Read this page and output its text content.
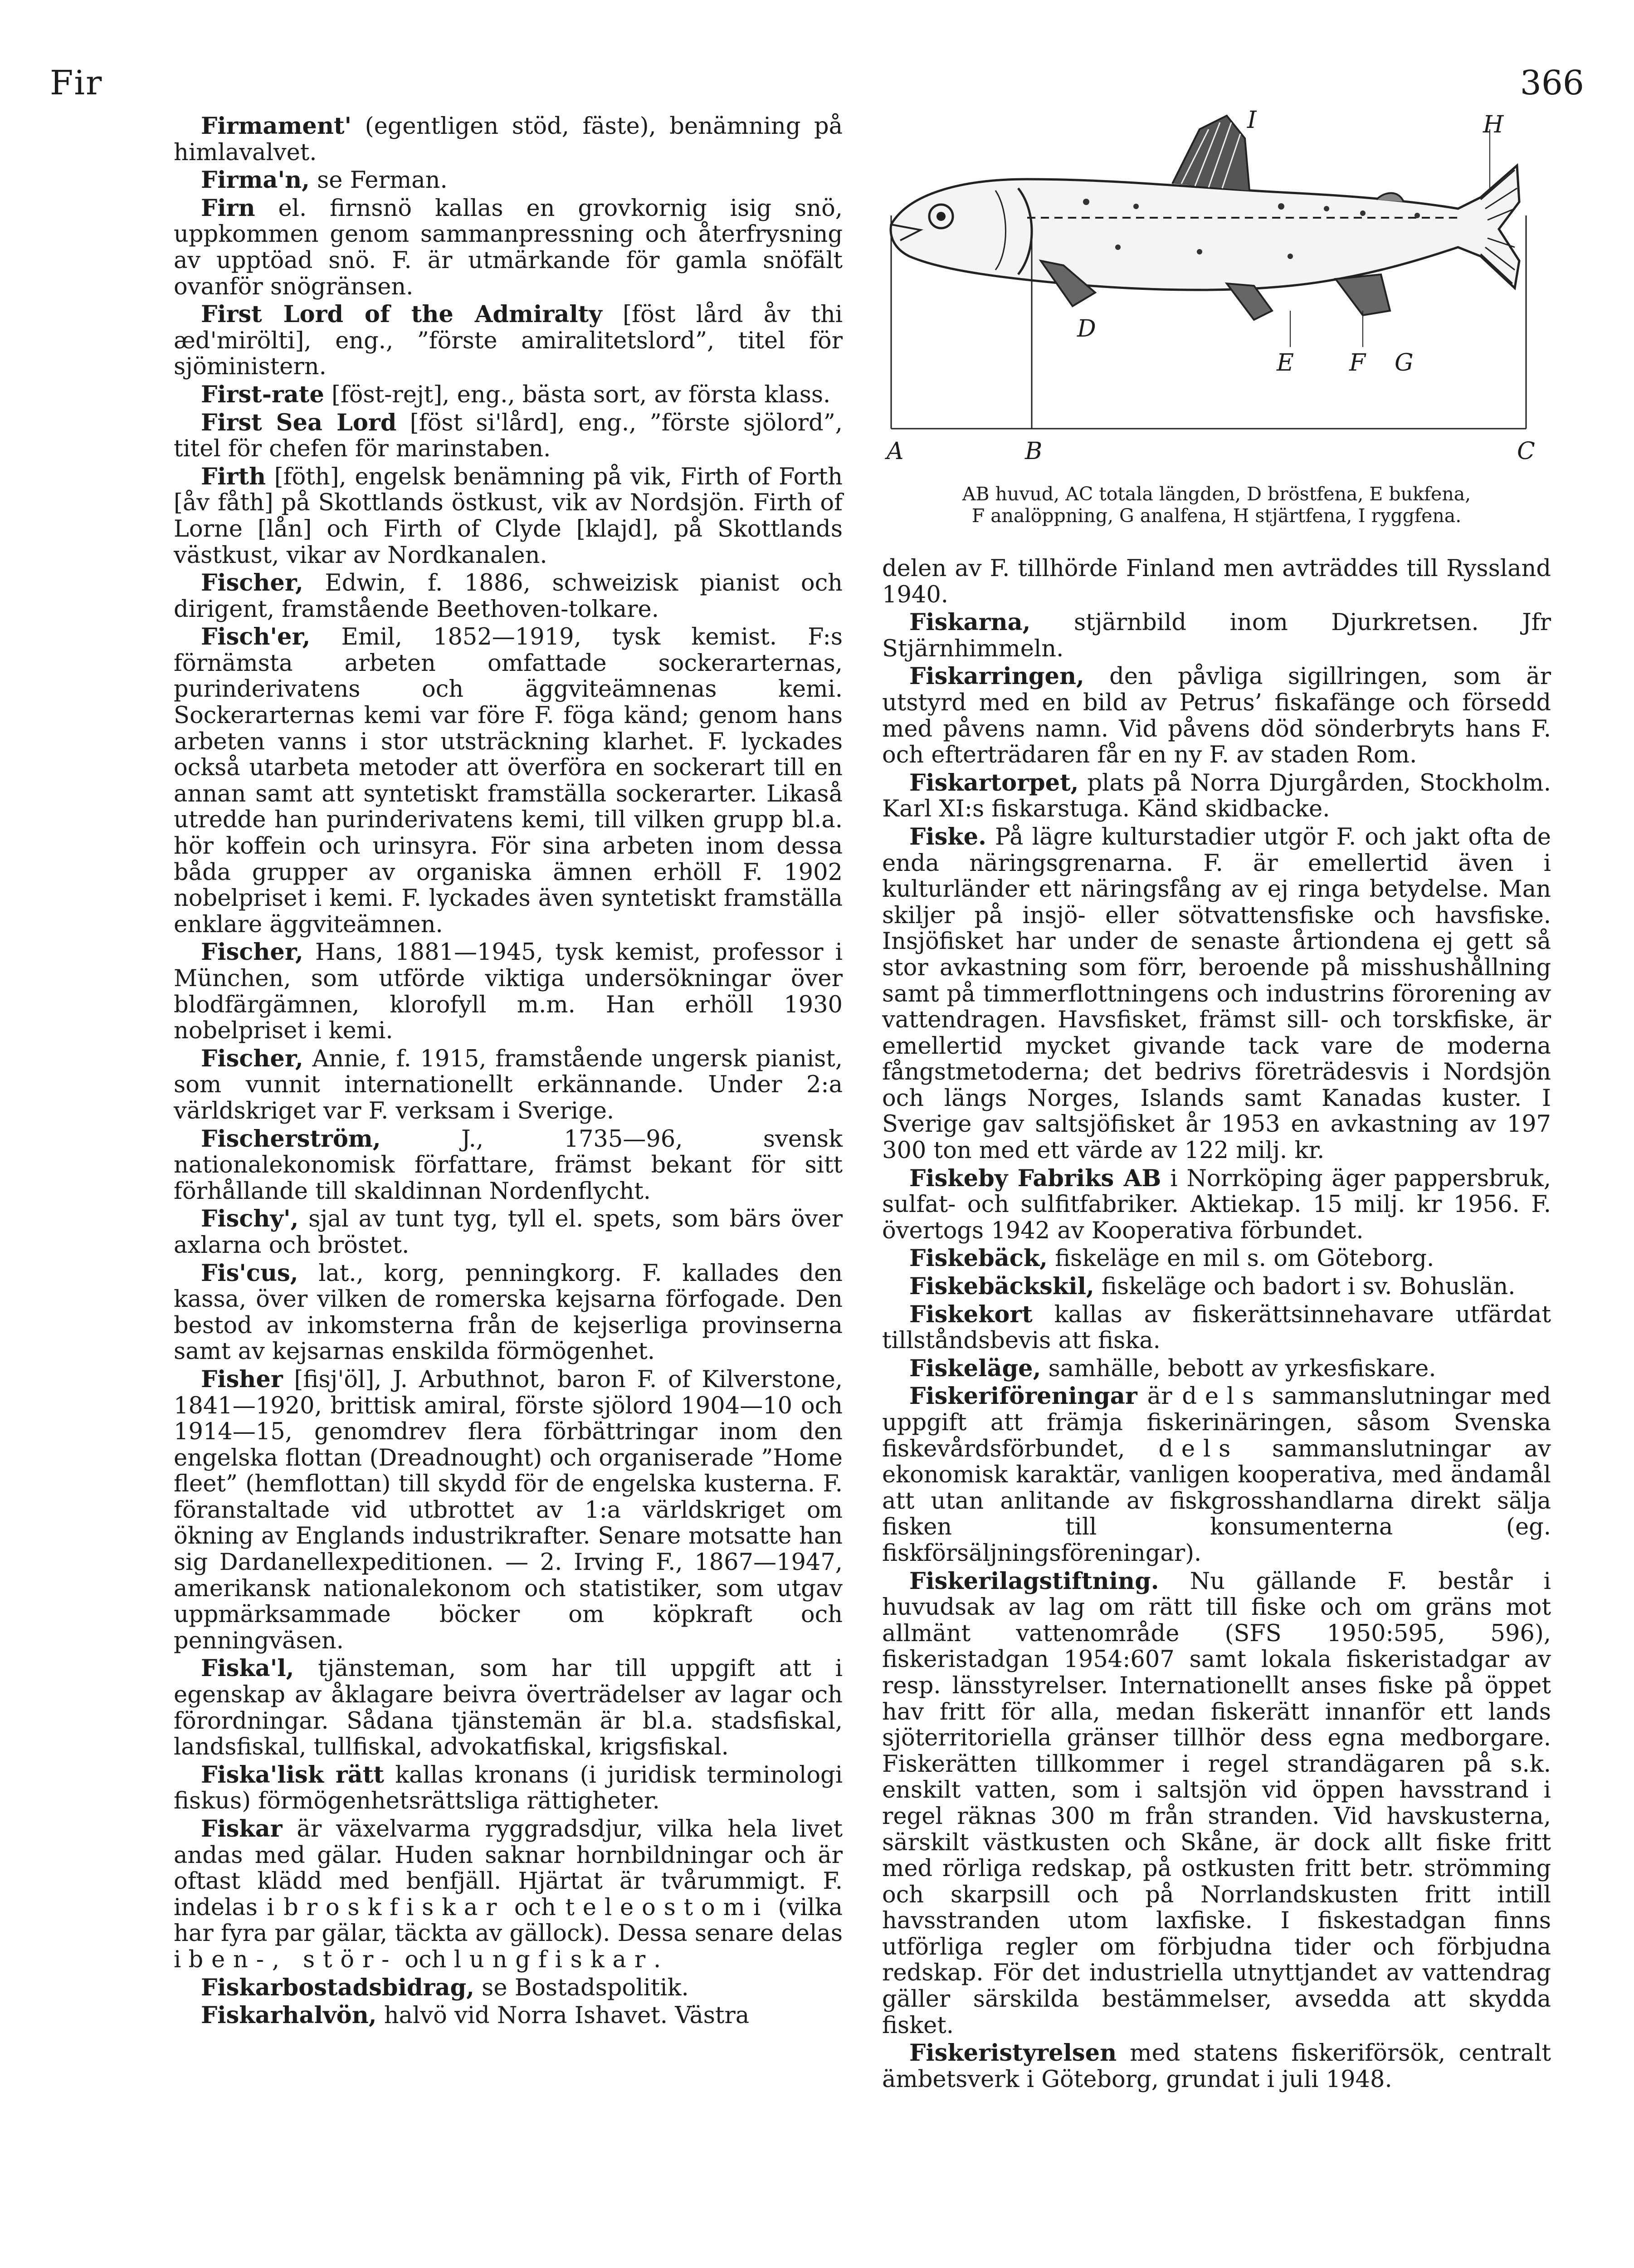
Fir	366

Firmament' (egentligen stöd, fäste), benämning på himlavalvet.

Firma'n, se Ferman.

Firn el. firnsnö kallas en grovkornig isig snö, uppkommen genom sammanpressning och återfrysning av upptöad snö. F. är utmärkande för gamla snöfält ovanför snögränsen.

First Lord of the Admiralty [föst lård åv thi æd'mirölti], eng., ”förste amiralitetslord”, titel för sjöministern.

First-rate [föst-rejt], eng., bästa sort, av första klass.

First Sea Lord [föst si'lård], eng., ”förste sjölord”, titel för chefen för marinstaben.

Firth [föth], engelsk benämning på vik, Firth of Forth [åv fåth] på Skottlands östkust, vik av Nordsjön. Firth of Lorne [lån] och Firth of Clyde [klajd], på Skottlands västkust, vikar av Nordkanalen.

Fischer, Edwin, f. 1886, schweizisk pianist och dirigent, framstående Beethoven-tolkare.

Fisch'er, Emil, 1852—1919, tysk kemist. F:s förnämsta arbeten omfattade sockerarternas, purinderivatens och äggviteämnenas kemi. Sockerarternas kemi var före F. föga känd; genom hans arbeten vanns i stor utsträckning klarhet. F. lyckades också utarbeta metoder att överföra en sockerart till en annan samt att syntetiskt framställa sockerarter. Likaså utredde han purinderivatens kemi, till vilken grupp bl.a. hör koffein och urinsyra. För sina arbeten inom dessa båda grupper av organiska ämnen erhöll F. 1902 nobelpriset i kemi. F. lyckades även syntetiskt framställa enklare äggviteämnen.

Fischer, Hans, 1881—1945, tysk kemist, professor i München, som utförde viktiga undersökningar över blodfärgämnen, klorofyll m.m. Han erhöll 1930 nobelpriset i kemi.

Fischer, Annie, f. 1915, framstående ungersk pianist, som vunnit internationellt erkännande. Under 2:a världskriget var F. verksam i Sverige.

Fischerström, J., 1735—96, svensk nationalekonomisk författare, främst bekant för sitt förhållande till skaldinnan Nordenflycht.

Fischy', sjal av tunt tyg, tyll el. spets, som bärs över axlarna och bröstet.

Fis'cus, lat., korg, penningkorg. F. kallades den kassa, över vilken de romerska kejsarna förfogade. Den bestod av inkomsterna från de kejserliga provinserna samt av kejsarnas enskilda förmögenhet.

Fisher [fisj'öl], J. Arbuthnot, baron F. of Kilverstone, 1841—1920, brittisk amiral, förste sjölord 1904—10 och 1914—15, genomdrev flera förbättringar inom den engelska flottan (Dreadnought) och organiserade ”Home fleet” (hemflottan) till skydd för de engelska kusterna. F. föranstaltade vid utbrottet av 1:a världskriget om ökning av Englands industrikrafter. Senare motsatte han sig Dardanellexpeditionen. — 2. Irving F., 1867—1947, amerikansk nationalekonom och statistiker, som utgav uppmärksammade böcker om köpkraft och penningväsen.

Fiska'l, tjänsteman, som har till uppgift att i egenskap av åklagare beivra överträdelser av lagar och förordningar. Sådana tjänstemän är bl.a. stadsfiskal, landsfiskal, tullfiskal, advokatfiskal, krigsfiskal.

Fiska'lisk rätt kallas kronans (i juridisk terminologi fiskus) förmögenhetsrättsliga rättigheter.

Fiskar är växelvarma ryggradsdjur, vilka hela livet andas med gälar. Huden saknar hornbildningar och är oftast klädd med benfjäll. Hjärtat är tvårummigt. F. indelas i broskfiskar och teleostomi (vilka har fyra par gälar, täckta av gällock). Dessa senare delas i ben-, stör- och lungfiskar.

Fiskarbostadsbidrag, se Bostadspolitik.

Fiskarhalvön, halvö vid Norra Ishavet. Västra

A	B	C
D
E F G
H
I
AB huvud, AC totala längden, D bröstfena, E bukfena,
F analöppning, G analfena, H stjärtfena, I ryggfena.

delen av F. tillhörde Finland men avträddes till Ryssland 1940.

Fiskarna, stjärnbild inom Djurkretsen. Jfr Stjärnhimmeln.

Fiskarringen, den påvliga sigillringen, som är utstyrd med en bild av Petrus’ fiskafänge och försedd med påvens namn. Vid påvens död sönderbryts hans F. och efterträdaren får en ny F. av staden Rom.

Fiskartorpet, plats på Norra Djurgården, Stockholm. Karl XI:s fiskarstuga. Känd skidbacke.

Fiske. På lägre kulturstadier utgör F. och jakt ofta de enda näringsgrenarna. F. är emellertid även i kulturländer ett näringsfång av ej ringa betydelse. Man skiljer på insjö- eller sötvattensfiske och havsfiske. Insjöfisket har under de senaste årtiondena ej gett så stor avkastning som förr, beroende på misshushållning samt på timmerflottningens och industrins förorening av vattendragen. Havsfisket, främst sill- och torskfiske, är emellertid mycket givande tack vare de moderna fångstmetoderna; det bedrivs företrädesvis i Nordsjön och längs Norges, Islands samt Kanadas kuster. I Sverige gav saltsjöfisket år 1953 en avkastning av 197 300 ton med ett värde av 122 milj. kr.

Fiskeby Fabriks AB i Norrköping äger pappersbruk, sulfat- och sulfitfabriker. Aktiekap. 15 milj. kr 1956. F. övertogs 1942 av Kooperativa förbundet.

Fiskebäck, fiskeläge en mil s. om Göteborg.

Fiskebäckskil, fiskeläge och badort i sv. Bohuslän.

Fiskekort kallas av fiskerättsinnehavare utfärdat tillståndsbevis att fiska.

Fiskeläge, samhälle, bebott av yrkesfiskare.

Fiskeriföreningar är dels sammanslutningar med uppgift att främja fiskerinäringen, såsom Svenska fiskevårdsförbundet, dels sammanslutningar av ekonomisk karaktär, vanligen kooperativa, med ändamål att utan anlitande av fiskgrosshandlarna direkt sälja fisken till konsumenterna (eg. fiskförsäljningsföreningar).

Fiskerilagstiftning. Nu gällande F. består i huvudsak av lag om rätt till fiske och om gräns mot allmänt vattenområde (SFS 1950:595, 596), fiskeristadgan 1954:607 samt lokala fiskeristadgar av resp. länsstyrelser. Internationellt anses fiske på öppet hav fritt för alla, medan fiskerätt innanför ett lands sjöterritoriella gränser tillhör dess egna medborgare. Fiskerätten tillkommer i regel strandägaren på s.k. enskilt vatten, som i saltsjön vid öppen havsstrand i regel räknas 300 m från stranden. Vid havskusterna, särskilt västkusten och Skåne, är dock allt fiske fritt med rörliga redskap, på ostkusten fritt betr. strömming och skarpsill och på Norrlandskusten fritt intill havsstranden utom laxfiske. I fiskestadgan finns utförliga regler om förbjudna tider och förbjudna redskap. För det industriella utnyttjandet av vattendrag gäller särskilda bestämmelser, avsedda att skydda fisket.

Fiskeristyrelsen med statens fiskeriförsök, centralt ämbetsverk i Göteborg, grundat i juli 1948.
